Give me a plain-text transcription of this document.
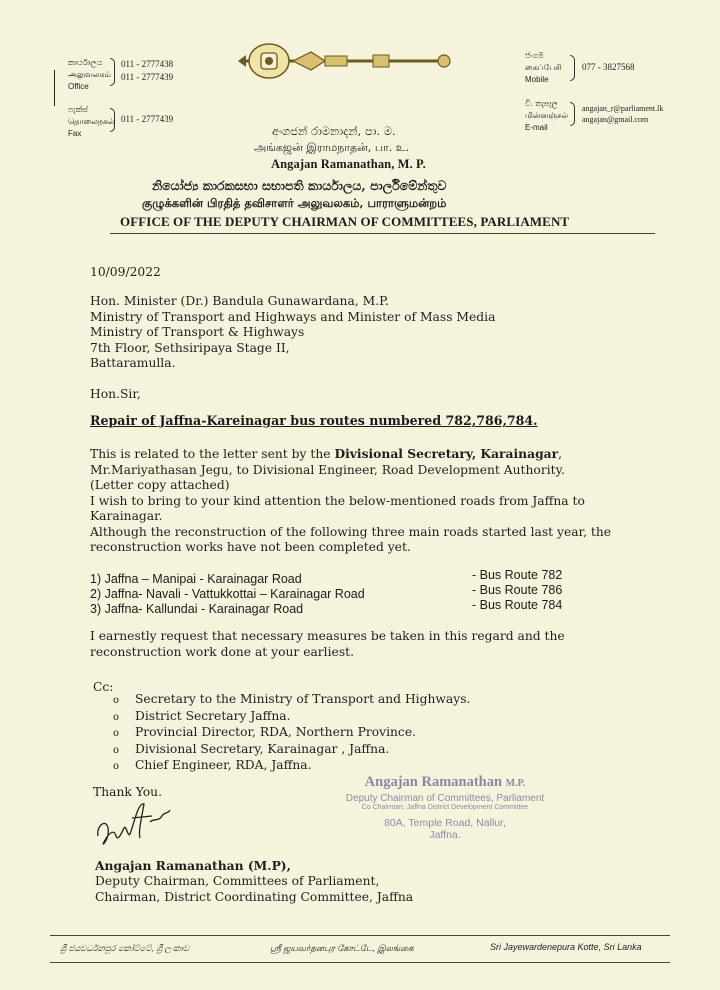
කාර්යාලය
அலுவலகம்
Office
011 - 2777438
011 - 2777439
ෆැක්ස්
தொலைநகல்
Fax
011 - 2777439
ජංගම
கைப்பேசி
Mobile
077 - 3827568
වි. තැපෑල
மின்னஞ்சல்
E-mail
angajan_r@parliament.lk
angajan@gmail.com
අංගජන් රාමනාදන්, පා. ම.
அங்கஜன் இராமநாதன், பா. உ.
Angajan Ramanathan, M. P.
නියෝජ්‍ය කාරකසභා සභාපති කාර්යාලය, පාර්ලිමේන්තුව
குழுக்களின் பிரதித் தவிசாளர் அலுவலகம், பாராளுமன்றம்
OFFICE OF THE DEPUTY CHAIRMAN OF COMMITTEES, PARLIAMENT
10/09/2022
Hon. Minister (Dr.) Bandula Gunawardana, M.P.
Ministry of Transport and Highways and Minister of Mass Media
Ministry of Transport & Highways
7th Floor, Sethsiripaya Stage II,
Battaramulla.
Hon.Sir,
Repair of Jaffna-Kareinagar bus routes numbered 782,786,784.
This is related to the letter sent by the Divisional Secretary, Karainagar,
Mr.Mariyathasan Jegu, to Divisional Engineer, Road Development Authority.
(Letter copy attached)
I wish to bring to your kind attention the below-mentioned roads from Jaffna to
Karainagar.
Although the reconstruction of the following three main roads started last year, the
reconstruction works have not been completed yet.
1) Jaffna – Manipai - Karainagar Road
2) Jaffna- Navali - Vattukkottai – Karainagar Road
3) Jaffna- Kallundai - Karainagar Road
- Bus Route 782
- Bus Route 786
- Bus Route 784
I earnestly request that necessary measures be taken in this regard and the
reconstruction work done at your earliest.
Cc:
o Secretary to the Ministry of Transport and Highways.
o District Secretary Jaffna.
o Provincial Director, RDA, Northern Province.
o Divisional Secretary, Karainagar , Jaffna.
o Chief Engineer, RDA, Jaffna.
Thank You.
Angajan Ramanathan M.P.
Deputy Chairman of Committees, Parliament
Co Chairman, Jaffna District Development Committee
80A, Temple Road, Nallur,
Jaffna.
Angajan Ramanathan (M.P),
Deputy Chairman, Committees of Parliament,
Chairman, District Coordinating Committee, Jaffna
ශ්‍රී ජයවර්ධනපුර කෝට්ටේ, ශ්‍රී ලංකාව	ஸ்ரீ ஜயவர்தனபுர கோட்டே, இலங்கை	Sri Jayewardenepura Kotte, Sri Lanka
